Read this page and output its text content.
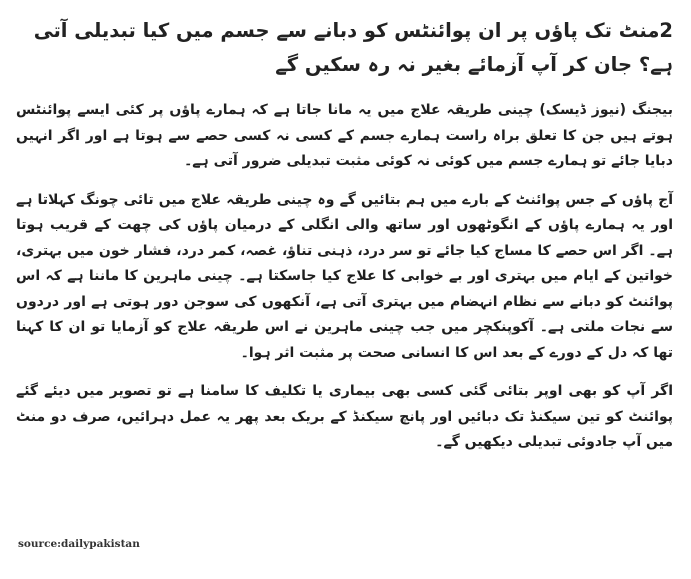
2منٹ تک پاؤں پر ان پوائنٹس کو دبانے سے جسم میں کیا تبدیلی آتی ہے؟ جان کر آپ آزمائے بغیر نہ رہ سکیں گے

بیجنگ (نیوز ڈیسک) چینی طریقہ علاج میں یہ مانا جاتا ہے کہ ہمارے پاؤں پر کئی ایسے پوائنٹس ہوتے ہیں جن کا تعلق براہ راست ہمارے جسم کے کسی نہ کسی حصے سے ہوتا ہے اور اگر انہیں دبایا جائے تو ہمارے جسم میں کوئی نہ کوئی مثبت تبدیلی ضرور آتی ہے۔

آج پاؤں کے جس پوائنٹ کے بارے میں ہم بتائیں گے وہ چینی طریقہ علاج میں تائی چونگ کہلاتا ہے اور یہ ہمارے پاؤں کے انگوٹھوں اور ساتھ والی انگلی کے درمیان پاؤں کی چھت کے قریب ہوتا ہے۔ اگر اس حصے کا مساج کیا جائے تو سر درد، ذہنی تناؤ، غصہ، کمر درد، فشار خون میں بہتری، خواتین کے ایام میں بہتری اور بے خوابی کا علاج کیا جاسکتا ہے۔ چینی ماہرین کا ماننا ہے کہ اس پوائنٹ کو دبانے سے نظام انہضام میں بہتری آتی ہے، آنکھوں کی سوجن دور ہوتی ہے اور دردوں سے نجات ملتی ہے۔ آکوپنکچر میں جب چینی ماہرین نے اس طریقہ علاج کو آزمایا تو ان کا کہنا تھا کہ دل کے دورے کے بعد اس کا انسانی صحت پر مثبت اثر ہوا۔

اگر آپ کو بھی اوپر بتائی گئی کسی بھی بیماری یا تکلیف کا سامنا ہے تو تصویر میں دیئے گئے پوائنٹ کو تین سیکنڈ تک دبائیں اور پانچ سیکنڈ کے بریک بعد پھر یہ عمل دہرائیں، صرف دو منٹ میں آپ جادوئی تبدیلی دیکھیں گے۔

source:dailypakistan
